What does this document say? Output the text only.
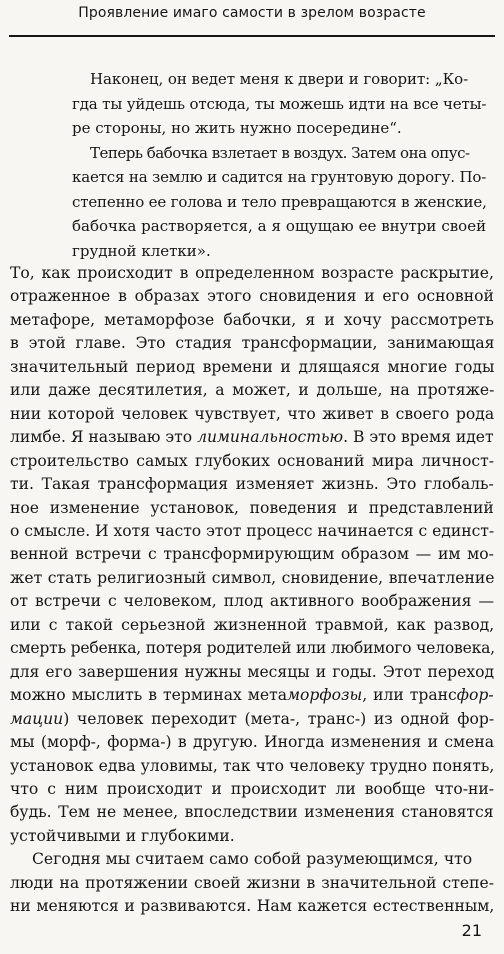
Проявление имаго самости в зрелом возрасте

Наконец, он ведет меня к двери и говорит: „Ко-

гда ты уйдешь отсюда, ты можешь идти на все четы-

ре стороны, но жить нужно посередине“.

Теперь бабочка взлетает в воздух. Затем она опус-

кается на землю и садится на грунтовую дорогу. По-

степенно ее голова и тело превращаются в женские,

бабочка растворяется, а я ощущаю ее внутри своей

грудной клетки».

То, как происходит в определенном возрасте раскрытие,

отраженное в образах этого сновидения и его основной

метафоре, метаморфозе бабочки, я и хочу рассмотреть

в этой главе. Это стадия трансформации, занимающая

значительный период времени и длящаяся многие годы

или даже десятилетия, а может, и дольше, на протяже-

нии которой человек чувствует, что живет в своего рода

лимбе. Я называю это лиминальностью. В это время идет

строительство самых глубоких оснований мира личност-

ти. Такая трансформация изменяет жизнь. Это глобаль-

ное изменение установок, поведения и представлений

о смысле. И хотя часто этот процесс начинается с единст-

венной встречи с трансформирующим образом — им мо-

жет стать религиозный символ, сновидение, впечатление

от встречи с человеком, плод активного воображения —

или с такой серьезной жизненной травмой, как развод,

смерть ребенка, потеря родителей или любимого человека,

для его завершения нужны месяцы и годы. Этот переход

можно мыслить в терминах метаморфозы, или трансфор-

мации) человек переходит (мета-, транс-) из одной фор-

мы (морф-, форма-) в другую. Иногда изменения и смена

установок едва уловимы, так что человеку трудно понять,

что с ним происходит и происходит ли вообще что-ни-

будь. Тем не менее, впоследствии изменения становятся

устойчивыми и глубокими.

Сегодня мы считаем само собой разумеющимся, что

люди на протяжении своей жизни в значительной степе-

ни меняются и развиваются. Нам кажется естественным,

21
